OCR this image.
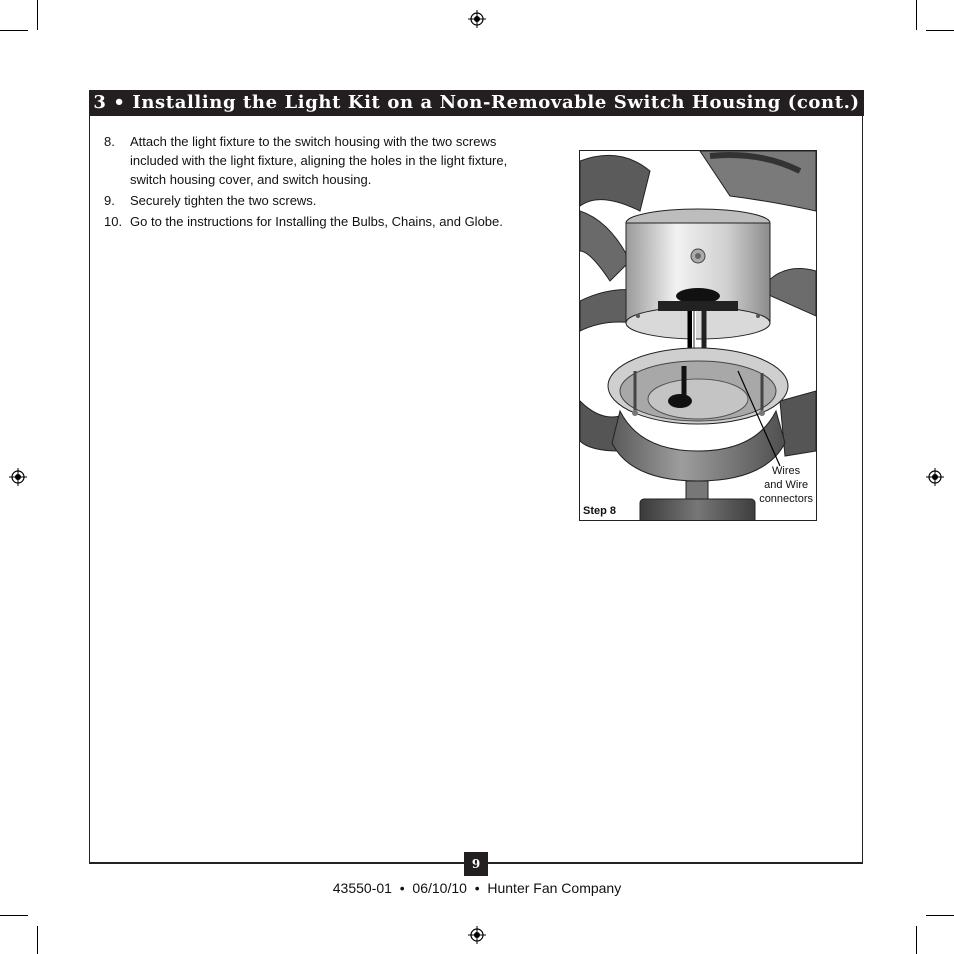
3 • Installing the Light Kit on a Non-Removable Switch Housing (cont.)
8. Attach the light fixture to the switch housing with the two screws included with the light fixture, aligning the holes in the light fixture, switch housing cover, and switch housing.
9. Securely tighten the two screws.
10. Go to the instructions for Installing the Bulbs, Chains, and Globe.
Wires
and Wire
connectors
Step 8
9
43550-01 • 06/10/10 • Hunter Fan Company
